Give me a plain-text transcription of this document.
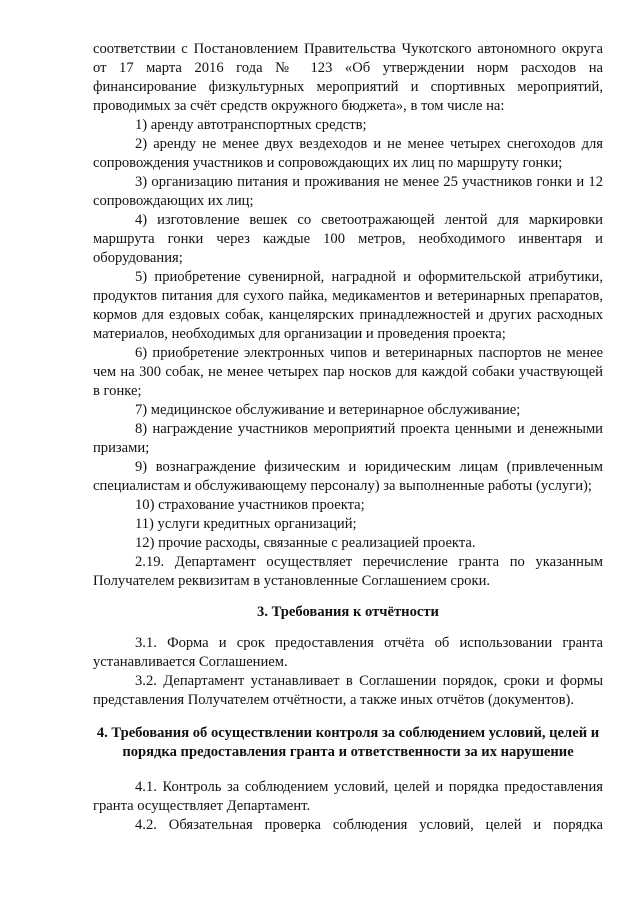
соответствии с Постановлением Правительства Чукотского автономного округа от 17 марта 2016 года № 123 «Об утверждении норм расходов на финансирование физкультурных мероприятий и спортивных мероприятий, проводимых за счёт средств окружного бюджета», в том числе на:

1) аренду автотранспортных средств;

2) аренду не менее двух вездеходов и не менее четырех снегоходов для сопровождения участников и сопровождающих их лиц по маршруту гонки;

3) организацию питания и проживания не менее 25 участников гонки и 12 сопровождающих их лиц;

4) изготовление вешек со светоотражающей лентой для маркировки маршрута гонки через каждые 100 метров, необходимого инвентаря и оборудования;

5) приобретение сувенирной, наградной и оформительской атрибутики, продуктов питания для сухого пайка, медикаментов и ветеринарных препаратов, кормов для ездовых собак, канцелярских принадлежностей и других расходных материалов, необходимых для организации и проведения проекта;

6) приобретение электронных чипов и ветеринарных паспортов не менее чем на 300 собак, не менее четырех пар носков для каждой собаки участвующей в гонке;

7) медицинское обслуживание и ветеринарное обслуживание;

8) награждение участников мероприятий проекта ценными и денежными призами;

9) вознаграждение физическим и юридическим лицам (привлеченным специалистам и обслуживающему персоналу) за выполненные работы (услуги);

10) страхование участников проекта;

11) услуги кредитных организаций;

12) прочие расходы, связанные с реализацией проекта.

2.19. Департамент осуществляет перечисление гранта по указанным Получателем реквизитам в установленные Соглашением сроки.

3. Требования к отчётности

3.1. Форма и срок предоставления отчёта об использовании гранта устанавливается Соглашением.

3.2. Департамент устанавливает в Соглашении порядок, сроки и формы представления Получателем отчётности, а также иных отчётов (документов).

4. Требования об осуществлении контроля за соблюдением условий, целей и порядка предоставления гранта и ответственности за их нарушение

4.1. Контроль за соблюдением условий, целей и порядка предоставления гранта осуществляет Департамент.

4.2. Обязательная проверка соблюдения условий, целей и порядка
